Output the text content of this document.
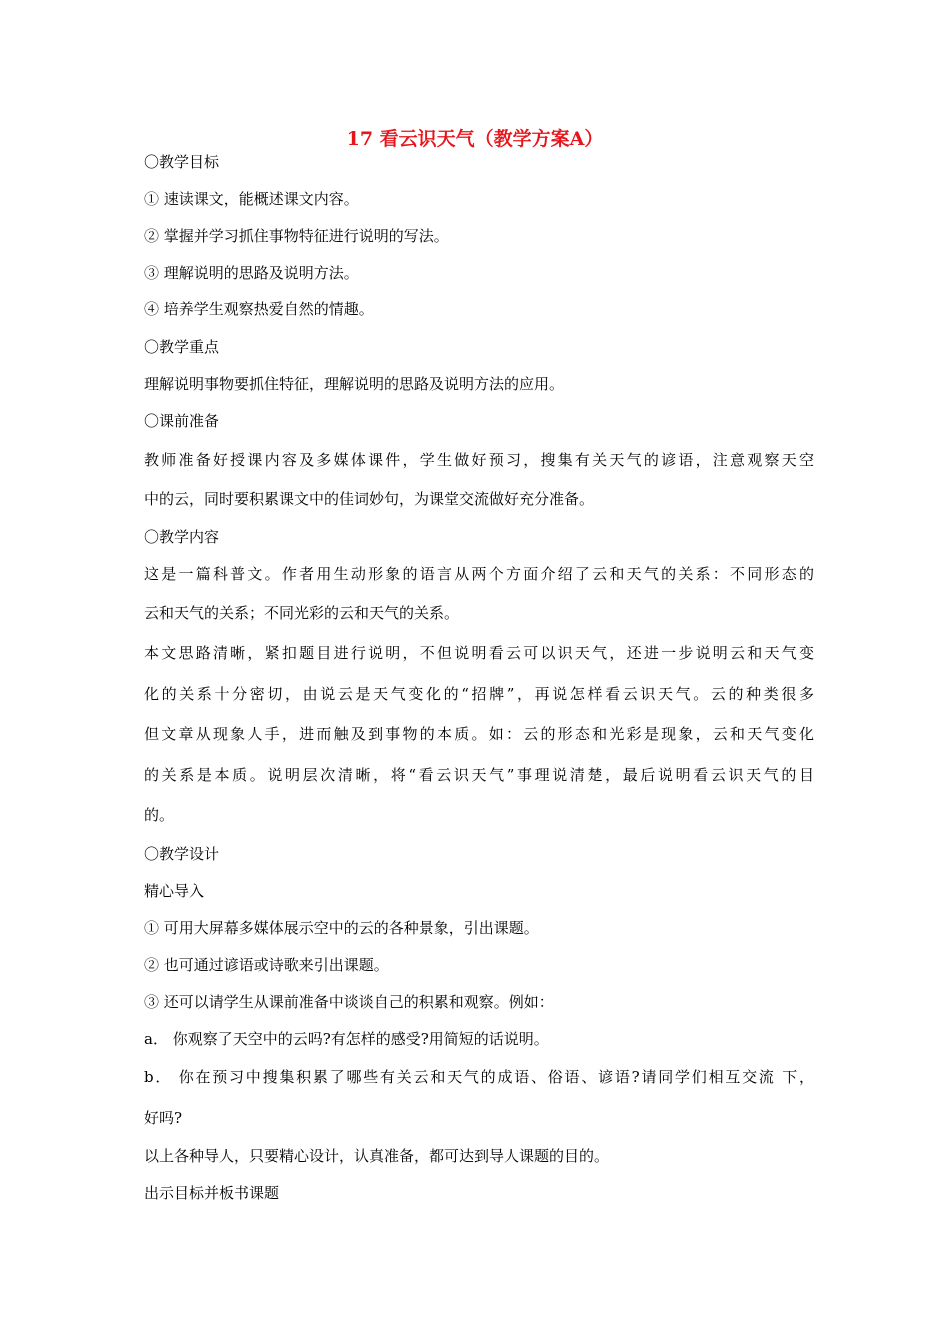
17 看云识天气（教学方案A）
〇教学目标
① 速读课文，能概述课文内容。
② 掌握并学习抓住事物特征进行说明的写法。
③ 理解说明的思路及说明方法。
④ 培养学生观察热爱自然的情趣。
〇教学重点
理解说明事物要抓住特征，理解说明的思路及说明方法的应用。
〇课前准备
教师准备好授课内容及多媒体课件，学生做好预习，搜集有关天气的谚语，注意观察天空
中的云，同时要积累课文中的佳词妙句，为课堂交流做好充分准备。
〇教学内容
这是一篇科普文。作者用生动形象的语言从两个方面介绍了云和天气的关系：不同形态的
云和天气的关系；不同光彩的云和天气的关系。
本文思路清晰，紧扣题目进行说明，不但说明看云可以识天气，还进一步说明云和天气变
化的关系十分密切，由说云是天气变化的“招牌”，再说怎样看云识天气。云的种类很多
但文章从现象人手，进而触及到事物的本质。如：云的形态和光彩是现象，云和天气变化
的关系是本质。说明层次清晰，将“看云识天气”事理说清楚，最后说明看云识天气的目
的。
〇教学设计
精心导入
① 可用大屏幕多媒体展示空中的云的各种景象，引出课题。
② 也可通过谚语或诗歌来引出课题。
③ 还可以请学生从课前准备中谈谈自己的积累和观察。例如：
a． 你观察了天空中的云吗?有怎样的感受?用简短的话说明。
b． 你在预习中搜集积累了哪些有关云和天气的成语、俗语、谚语?请同学们相互交流 下，
好吗?
以上各种导人，只要精心设计，认真准备，都可达到导人课题的目的。
出示目标并板书课题
